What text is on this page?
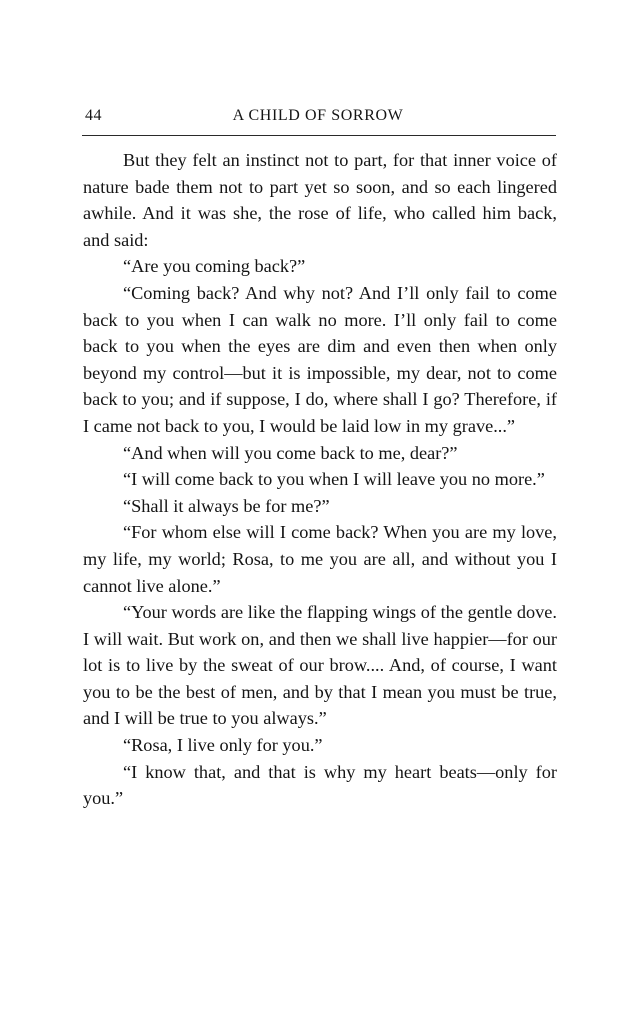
44	A CHILD OF SORROW

But they felt an instinct not to part, for that inner voice of nature bade them not to part yet so soon, and so each lingered awhile. And it was she, the rose of life, who called him back, and said:

“Are you coming back?”

“Coming back? And why not? And I’ll only fail to come back to you when I can walk no more. I’ll only fail to come back to you when the eyes are dim and even then when only beyond my control—but it is impossible, my dear, not to come back to you; and if suppose, I do, where shall I go? Therefore, if I came not back to you, I would be laid low in my grave...”

“And when will you come back to me, dear?”

“I will come back to you when I will leave you no more.”

“Shall it always be for me?”

“For whom else will I come back? When you are my love, my life, my world; Rosa, to me you are all, and without you I cannot live alone.”

“Your words are like the flapping wings of the gentle dove. I will wait. But work on, and then we shall live happier—for our lot is to live by the sweat of our brow.... And, of course, I want you to be the best of men, and by that I mean you must be true, and I will be true to you always.”

“Rosa, I live only for you.”

“I know that, and that is why my heart beats—only for you.”
